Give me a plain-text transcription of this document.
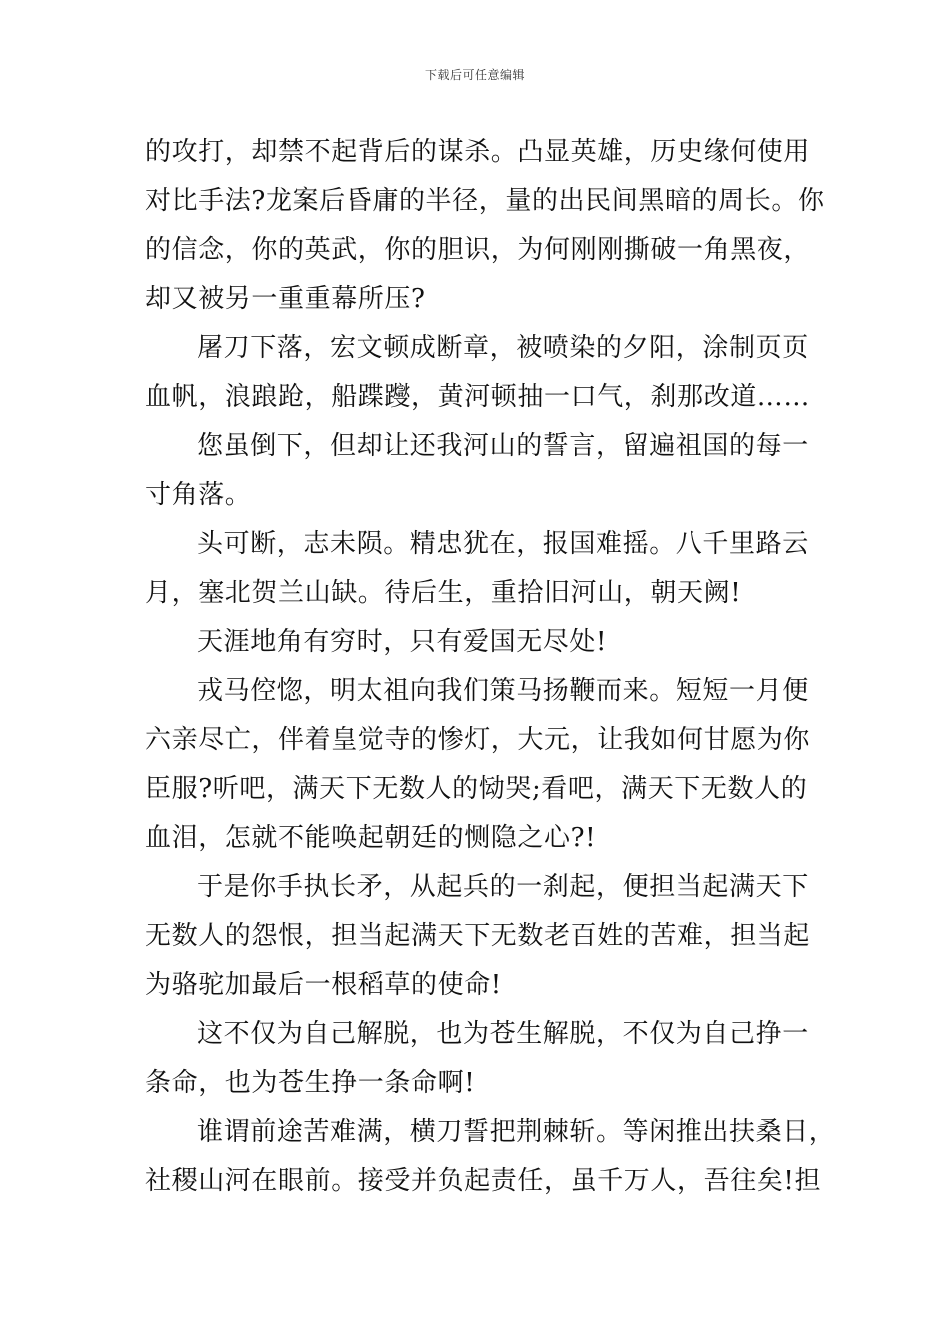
下载后可任意编辑
的攻打，却禁不起背后的谋杀。凸显英雄，历史缘何使用
对比手法?龙案后昏庸的半径，量的出民间黑暗的周长。你
的信念，你的英武，你的胆识，为何刚刚撕破一角黑夜，
却又被另一重重幕所压?
屠刀下落，宏文顿成断章，被喷染的夕阳，涂制页页
血帆，浪踉跄，船蹀躞，黄河顿抽一口气，刹那改道……
您虽倒下，但却让还我河山的誓言，留遍祖国的每一
寸角落。
头可断，志未陨。精忠犹在，报国难摇。八千里路云
月，塞北贺兰山缺。待后生，重拾旧河山，朝天阙!
天涯地角有穷时，只有爱国无尽处!
戎马倥惚，明太祖向我们策马扬鞭而来。短短一月便
六亲尽亡，伴着皇觉寺的惨灯，大元，让我如何甘愿为你
臣服?听吧，满天下无数人的恸哭;看吧，满天下无数人的
血泪，怎就不能唤起朝廷的恻隐之心?!
于是你手执长矛，从起兵的一刹起，便担当起满天下
无数人的怨恨，担当起满天下无数老百姓的苦难，担当起
为骆驼加最后一根稻草的使命!
这不仅为自己解脱，也为苍生解脱，不仅为自己挣一
条命，也为苍生挣一条命啊!
谁谓前途苦难满，横刀誓把荆棘斩。等闲推出扶桑日，
社稷山河在眼前。接受并负起责任，虽千万人，吾往矣!担
